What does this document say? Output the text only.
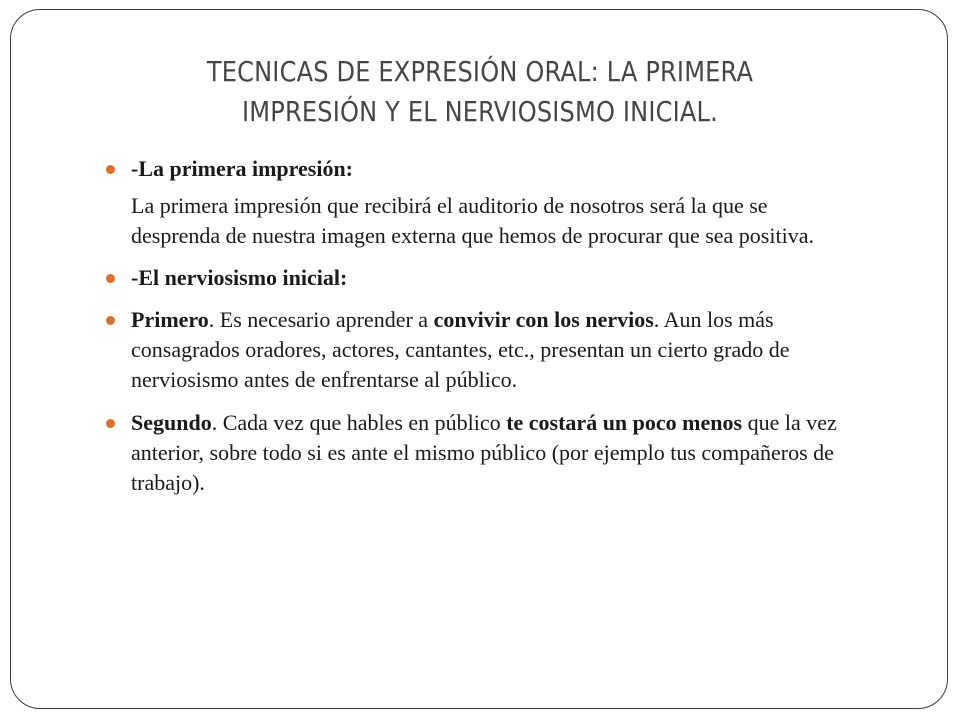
TECNICAS DE EXPRESIÓN ORAL: LA PRIMERA
IMPRESIÓN Y EL NERVIOSISMO INICIAL.
-La primera impresión:
La primera impresión que recibirá el auditorio de nosotros será la que se desprenda de nuestra imagen externa que hemos de procurar que sea positiva.
-El nerviosismo inicial:
Primero. Es necesario aprender a convivir con los nervios. Aun los más consagrados oradores, actores, cantantes, etc., presentan un cierto grado de nerviosismo antes de enfrentarse al público.
Segundo. Cada vez que hables en público te costará un poco menos que la vez anterior, sobre todo si es ante el mismo público (por ejemplo tus compañeros de trabajo).
